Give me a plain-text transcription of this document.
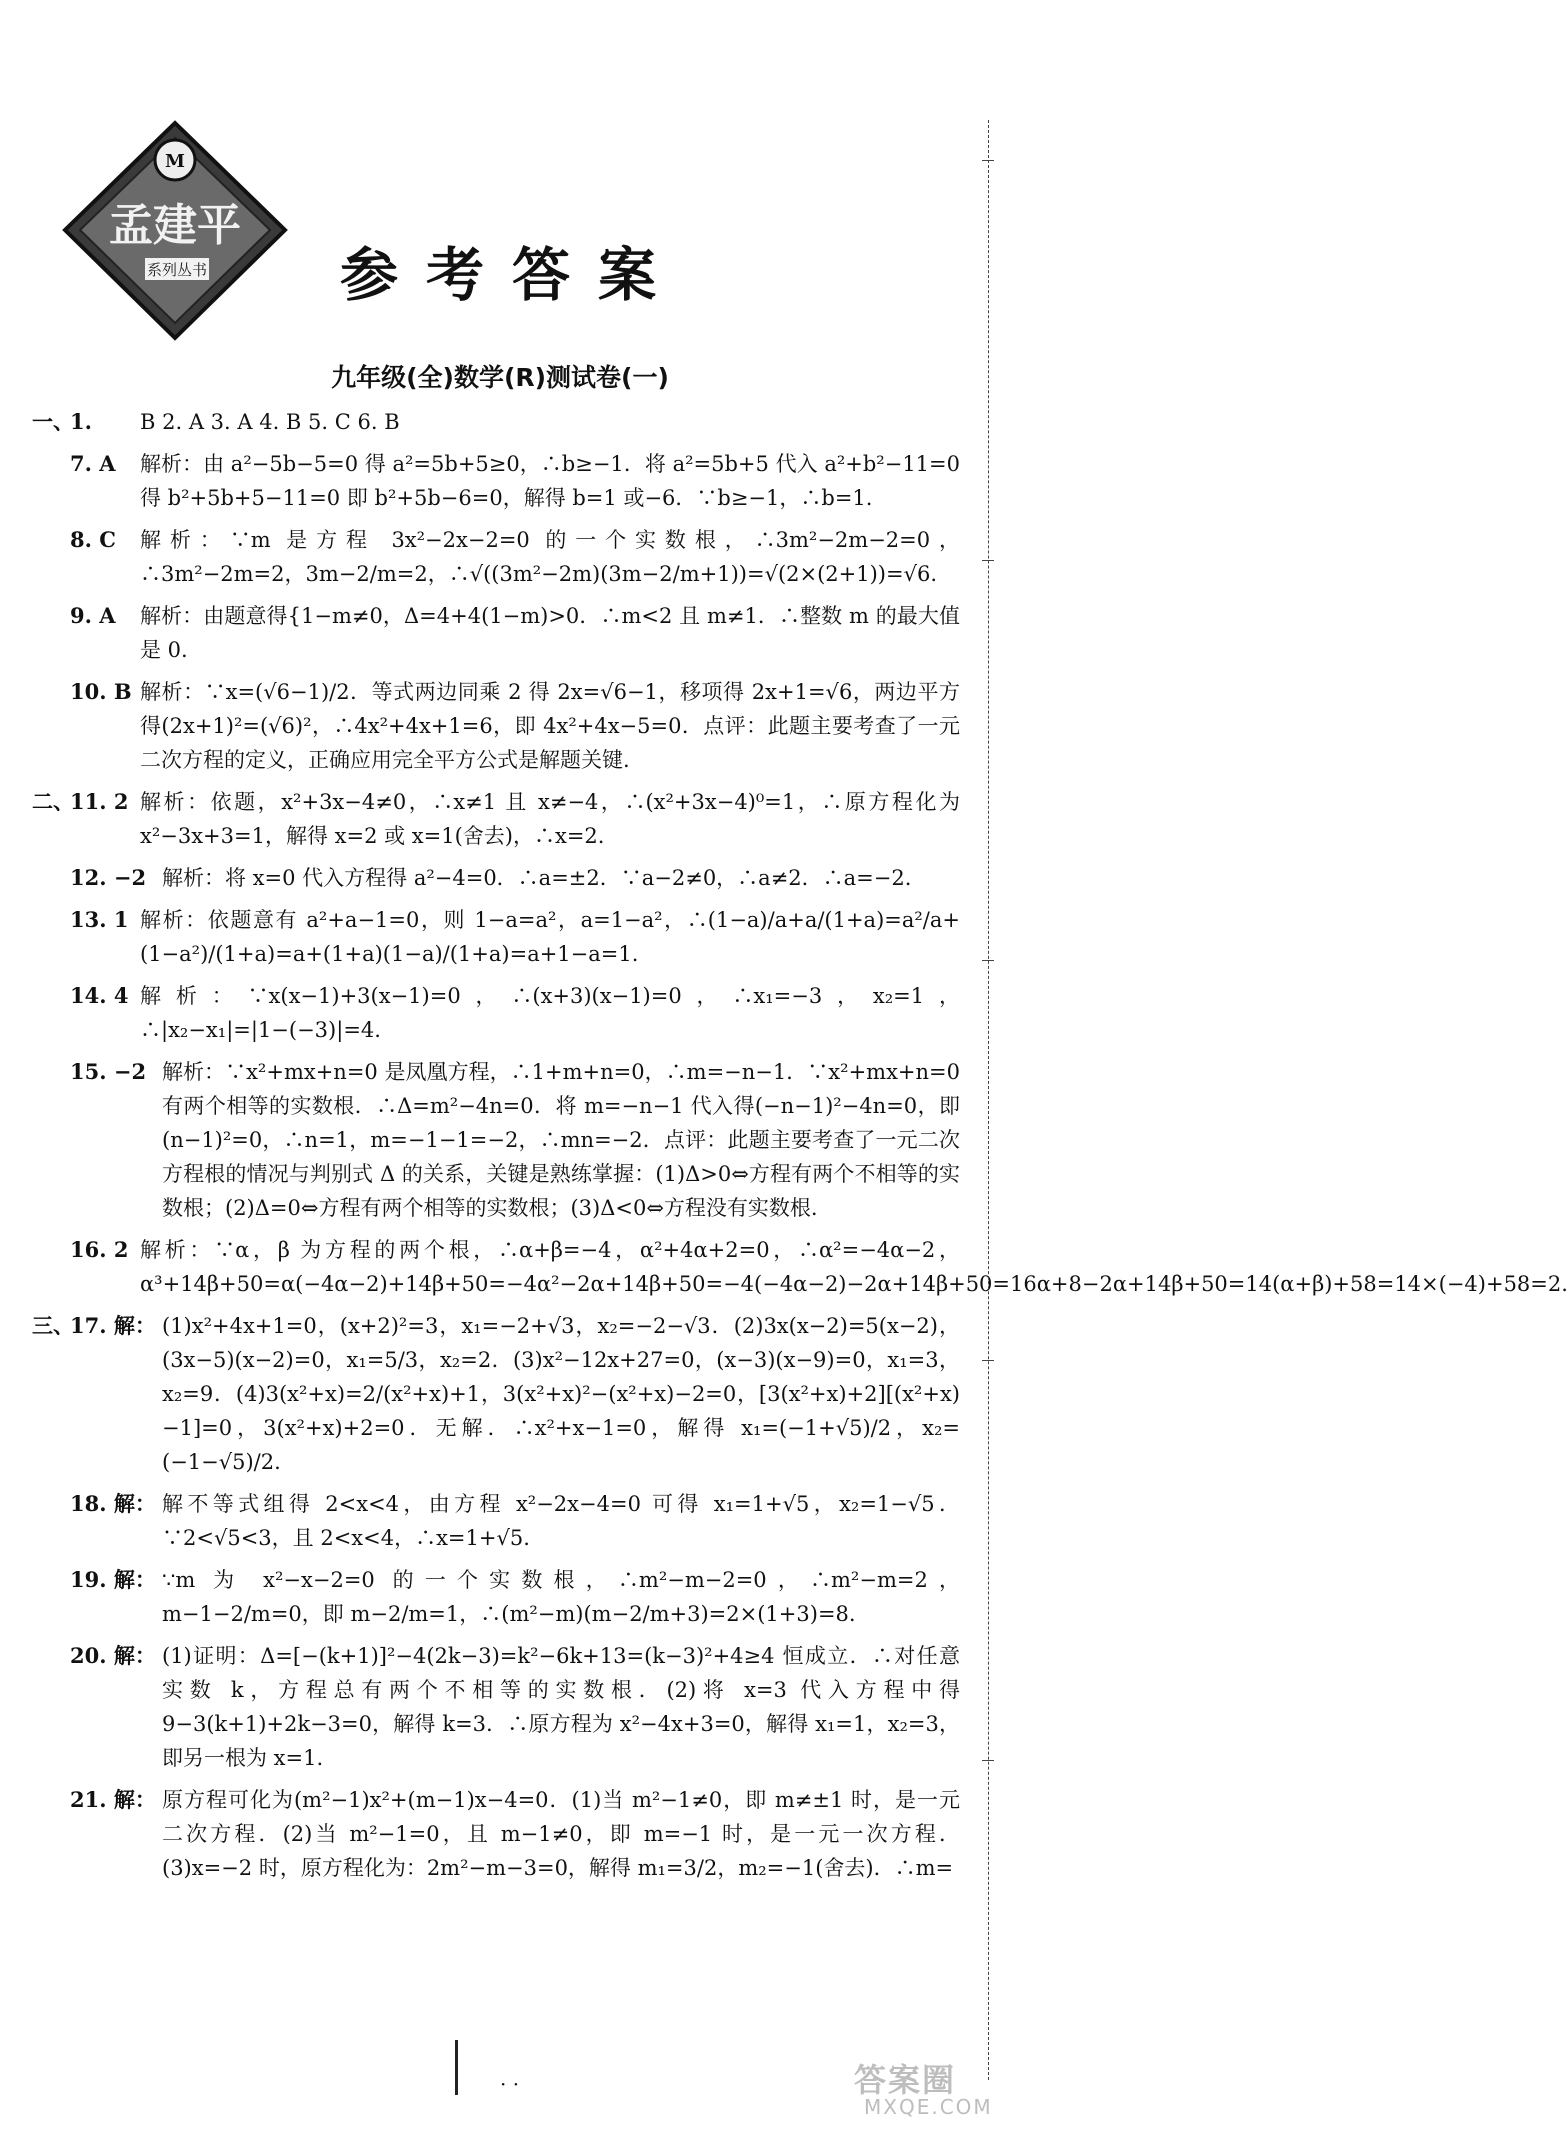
M
孟建平
系列丛书 参考答案
九年级(全)数学(R)测试卷(一)
一、
1. B 2. A 3. A 4. B 5. C 6. B
7. A 解析：由 a²−5b−5=0 得 a²=5b+5≥0，∴b≥−1．将 a²=5b+5 代入 a²+b²−11=0 得 b²+5b+5−11=0 即 b²+5b−6=0，解得 b=1 或−6．∵b≥−1，∴b=1.
8. C 解析：∵m 是方程 3x²−2x−2=0 的一个实数根，∴3m²−2m−2=0，∴3m²−2m=2，3m−2/m=2，∴√((3m²−2m)(3m−2/m+1))=√(2×(2+1))=√6.
9. A 解析：由题意得{1−m≠0，Δ=4+4(1−m)>0．∴m<2 且 m≠1．∴整数 m 的最大值是 0.
10. B 解析：∵x=(√6−1)/2．等式两边同乘 2 得 2x=√6−1，移项得 2x+1=√6，两边平方得(2x+1)²=(√6)²，∴4x²+4x+1=6，即 4x²+4x−5=0．点评：此题主要考查了一元二次方程的定义，正确应用完全平方公式是解题关键.
二、
11. 2 解析：依题，x²+3x−4≠0，∴x≠1 且 x≠−4，∴(x²+3x−4)⁰=1，∴原方程化为 x²−3x+3=1，解得 x=2 或 x=1(舍去)，∴x=2.
12. −2 解析：将 x=0 代入方程得 a²−4=0．∴a=±2．∵a−2≠0，∴a≠2．∴a=−2.
13. 1 解析：依题意有 a²+a−1=0，则 1−a=a²，a=1−a²，∴(1−a)/a+a/(1+a)=a²/a+(1−a²)/(1+a)=a+(1+a)(1−a)/(1+a)=a+1−a=1.
14. 4 解析：∵x(x−1)+3(x−1)=0，∴(x+3)(x−1)=0，∴x₁=−3，x₂=1，∴|x₂−x₁|=|1−(−3)|=4.
15. −2 解析：∵x²+mx+n=0 是凤凰方程，∴1+m+n=0，∴m=−n−1．∵x²+mx+n=0 有两个相等的实数根．∴Δ=m²−4n=0．将 m=−n−1 代入得(−n−1)²−4n=0，即(n−1)²=0，∴n=1，m=−1−1=−2，∴mn=−2．点评：此题主要考查了一元二次方程根的情况与判别式 Δ 的关系，关键是熟练掌握：(1)Δ>0⇔方程有两个不相等的实数根；(2)Δ=0⇔方程有两个相等的实数根；(3)Δ<0⇔方程没有实数根.
16. 2 解析：∵α，β 为方程的两个根，∴α+β=−4，α²+4α+2=0，∴α²=−4α−2，α³+14β+50=α(−4α−2)+14β+50=−4α²−2α+14β+50=−4(−4α−2)−2α+14β+50=16α+8−2α+14β+50=14(α+β)+58=14×(−4)+58=2.
三、
17. 解： (1)x²+4x+1=0，(x+2)²=3，x₁=−2+√3，x₂=−2−√3．(2)3x(x−2)=5(x−2)，(3x−5)(x−2)=0，x₁=5/3，x₂=2．(3)x²−12x+27=0，(x−3)(x−9)=0，x₁=3，x₂=9．(4)3(x²+x)=2/(x²+x)+1，3(x²+x)²−(x²+x)−2=0，[3(x²+x)+2][(x²+x)−1]=0，3(x²+x)+2=0．无解．∴x²+x−1=0，解得 x₁=(−1+√5)/2，x₂=(−1−√5)/2.
18. 解： 解不等式组得 2<x<4，由方程 x²−2x−4=0 可得 x₁=1+√5，x₂=1−√5．∵2<√5<3，且 2<x<4，∴x=1+√5.
19. 解： ∵m 为 x²−x−2=0 的一个实数根，∴m²−m−2=0，∴m²−m=2，m−1−2/m=0，即 m−2/m=1，∴(m²−m)(m−2/m+3)=2×(1+3)=8.
20. 解： (1)证明：Δ=[−(k+1)]²−4(2k−3)=k²−6k+13=(k−3)²+4≥4 恒成立．∴对任意实数 k，方程总有两个不相等的实数根．(2)将 x=3 代入方程中得 9−3(k+1)+2k−3=0，解得 k=3．∴原方程为 x²−4x+3=0，解得 x₁=1，x₂=3，即另一根为 x=1.
21. 解： 原方程可化为(m²−1)x²+(m−1)x−4=0．(1)当 m²−1≠0，即 m≠±1 时，是一元二次方程．(2)当 m²−1=0，且 m−1≠0，即 m=−1 时，是一元一次方程．(3)x=−2 时，原方程化为：2m²−m−3=0，解得 m₁=3/2，m₂=−1(舍去)．∴m=
· ·	答案圈
MXQE.COM
